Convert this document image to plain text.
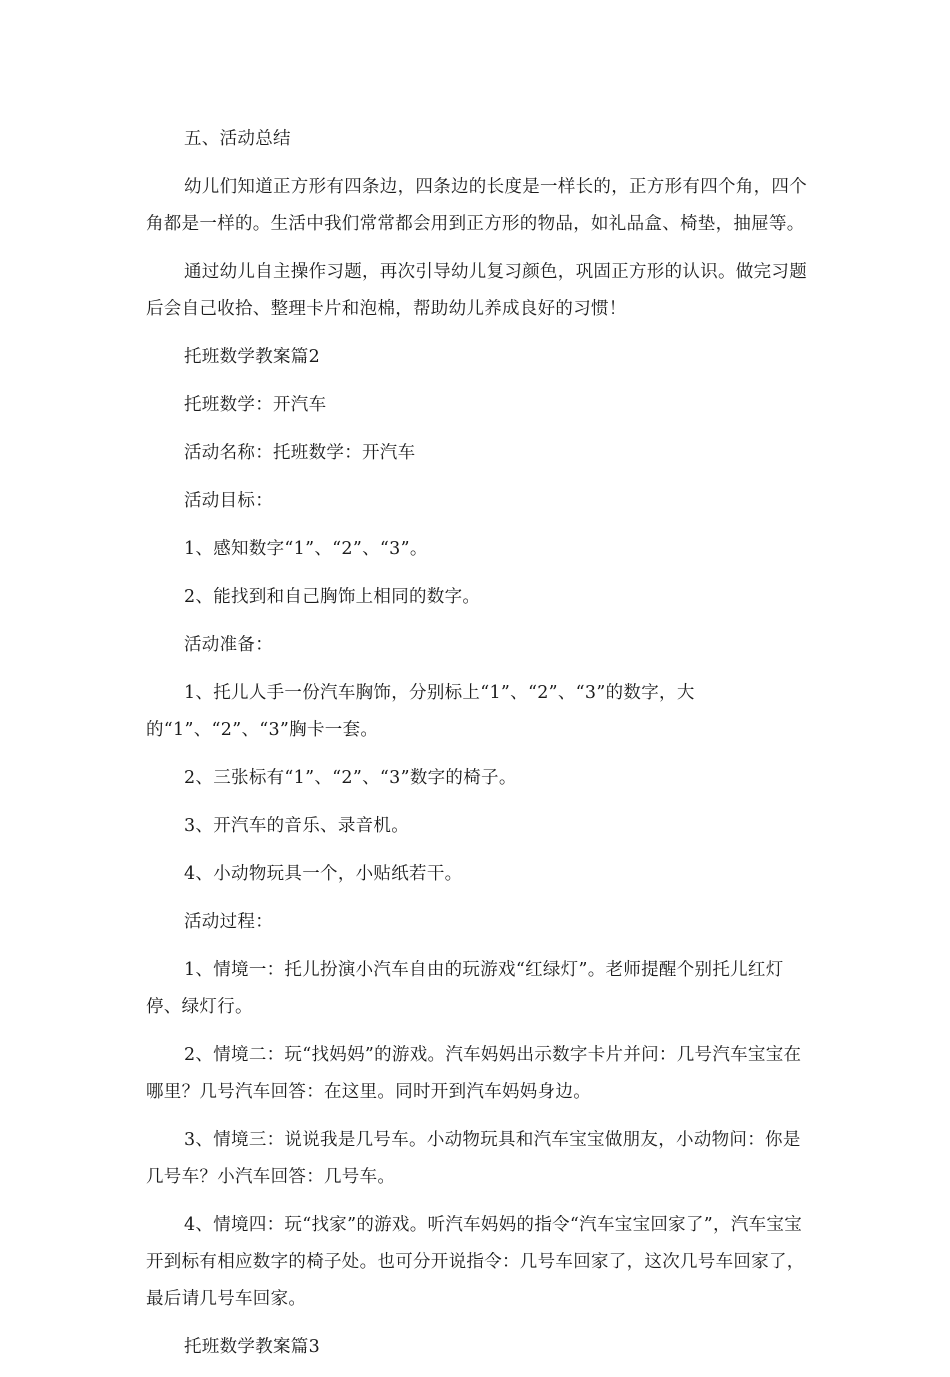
五、活动总结

幼儿们知道正方形有四条边，四条边的长度是一样长的，正方形有四个角，四个角都是一样的。生活中我们常常都会用到正方形的物品，如礼品盒、椅垫，抽屉等。

通过幼儿自主操作习题，再次引导幼儿复习颜色，巩固正方形的认识。做完习题后会自己收拾、整理卡片和泡棉，帮助幼儿养成良好的习惯！

托班数学教案篇2

托班数学：开汽车

活动名称：托班数学：开汽车

活动目标：

1、感知数字“1”、“2”、“3”。

2、能找到和自己胸饰上相同的数字。

活动准备：

1、托儿人手一份汽车胸饰，分别标上“1”、“2”、“3”的数字，大的“1”、“2”、“3”胸卡一套。

2、三张标有“1”、“2”、“3”数字的椅子。

3、开汽车的音乐、录音机。

4、小动物玩具一个，小贴纸若干。

活动过程：

1、情境一：托儿扮演小汽车自由的玩游戏“红绿灯”。老师提醒个别托儿红灯停、绿灯行。

2、情境二：玩“找妈妈”的游戏。汽车妈妈出示数字卡片并问：几号汽车宝宝在哪里？几号汽车回答：在这里。同时开到汽车妈妈身边。

3、情境三：说说我是几号车。小动物玩具和汽车宝宝做朋友，小动物问：你是几号车？小汽车回答：几号车。

4、情境四：玩“找家”的游戏。听汽车妈妈的指令“汽车宝宝回家了”，汽车宝宝开到标有相应数字的椅子处。也可分开说指令：几号车回家了，这次几号车回家了，最后请几号车回家。

托班数学教案篇3
